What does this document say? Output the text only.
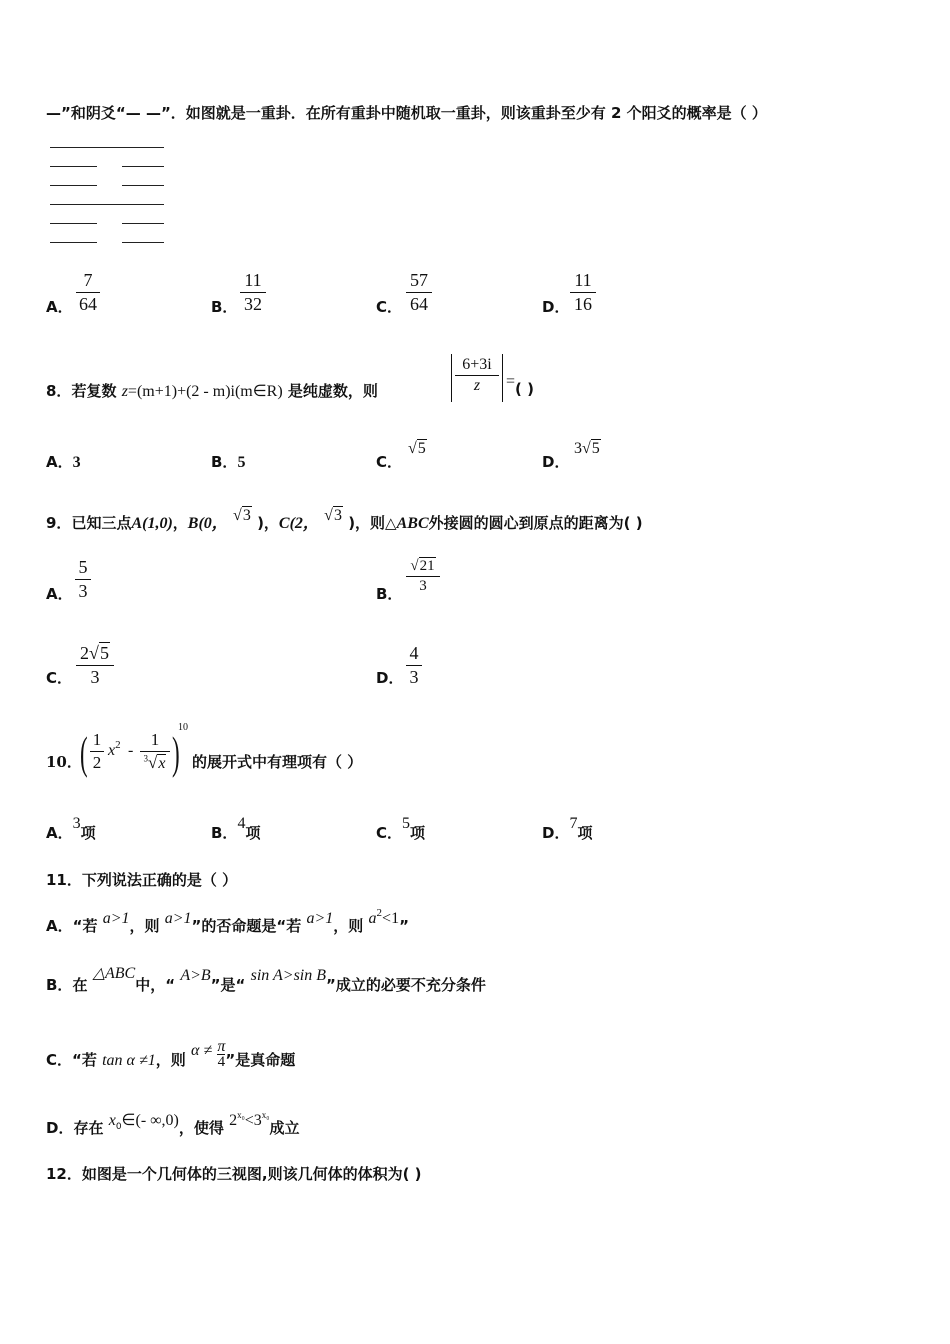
—”和阴爻“— —”．如图就是一重卦．在所有重卦中随机取一重卦，则该重卦至少有 2 个阳爻的概率是（ ）
A．
7
64	B．
11
32	C．
57
64	D．
11
16
8．若复数 z=(m+1)+(2 - m)i(m∈R) 是纯虚数，则
6+3i
z	=( )
A．3	B．5	C．
√5
D．
3√5
9．已知三点A(1,0)，B(0， √3 )，C(2， √3 )，则△ABC外接圆的圆心到原点的距离为( )
A．
5
3	B．
√21
3
C．
2√5
3	D．
4
3
10．
( 1
2
$x^2$ -
1
$^3$√x )
10
的展开式中有理项有（ ）
A．3项	B．4项	C．5项	D．7项
11．下列说法正确的是（ ）
A．“若 a>1，则 a>1”的否命题是“若 a>1，则 $a^2<1$”
B．在 △ABC中，“ A>B”是“ sin A>sin B”成立的必要不充分条件
C．“若 tan α ≠1，则 $\alpha \ne \frac{\pi}{4}$ ”是真命题
D．存在 $x_0\in(-$ ∞,0)，使得 $2^{x_0}<3^{x_0}$成立
12．如图是一个几何体的三视图,则该几何体的体积为( )
